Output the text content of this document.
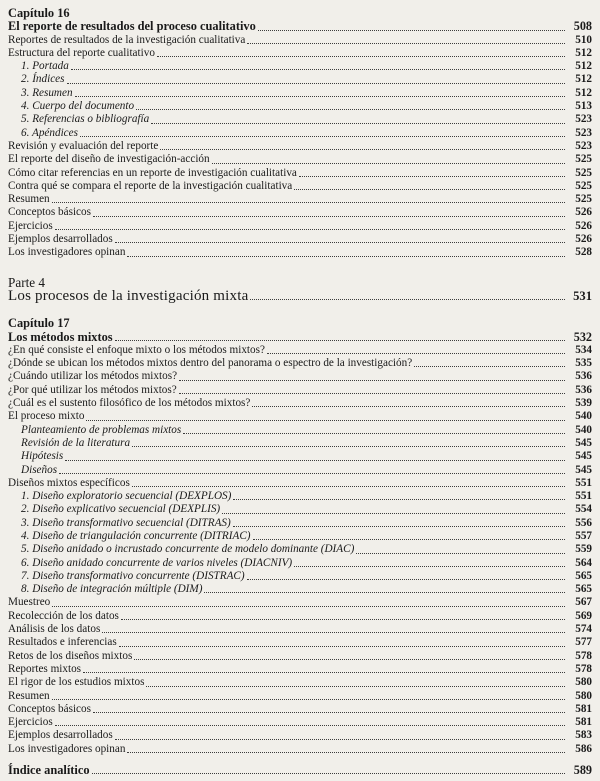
Capítulo 16
El reporte de resultados del proceso cualitativo	508
Reportes de resultados de la investigación cualitativa	510
Estructura del reporte cualitativo	512
1. Portada	512
2. Índices	512
3. Resumen	512
4. Cuerpo del documento	513
5. Referencias o bibliografía	523
6. Apéndices	523
Revisión y evaluación del reporte	523
El reporte del diseño de investigación-acción	525
Cómo citar referencias en un reporte de investigación cualitativa	525
Contra qué se compara el reporte de la investigación cualitativa	525
Resumen	525
Conceptos básicos	526
Ejercicios	526
Ejemplos desarrollados	526
Los investigadores opinan	528
Parte 4
Los procesos de la investigación mixta	531
Capítulo 17
Los métodos mixtos	532
¿En qué consiste el enfoque mixto o los métodos mixtos?	534
¿Dónde se ubican los métodos mixtos dentro del panorama o espectro de la investigación?	535
¿Cuándo utilizar los métodos mixtos?	536
¿Por qué utilizar los métodos mixtos?	536
¿Cuál es el sustento filosófico de los métodos mixtos?	539
El proceso mixto	540
Planteamiento de problemas mixtos	540
Revisión de la literatura	545
Hipótesis	545
Diseños	545
Diseños mixtos específicos	551
1. Diseño exploratorio secuencial (DEXPLOS)	551
2. Diseño explicativo secuencial (DEXPLIS)	554
3. Diseño transformativo secuencial (DITRAS)	556
4. Diseño de triangulación concurrente (DITRIAC)	557
5. Diseño anidado o incrustado concurrente de modelo dominante (DIAC)	559
6. Diseño anidado concurrente de varios niveles (DIACNIV)	564
7. Diseño transformativo concurrente (DISTRAC)	565
8. Diseño de integración múltiple (DIM)	565
Muestreo	567
Recolección de los datos	569
Análisis de los datos	574
Resultados e inferencias	577
Retos de los diseños mixtos	578
Reportes mixtos	578
El rigor de los estudios mixtos	580
Resumen	580
Conceptos básicos	581
Ejercicios	581
Ejemplos desarrollados	583
Los investigadores opinan	586
Índice analítico	589
